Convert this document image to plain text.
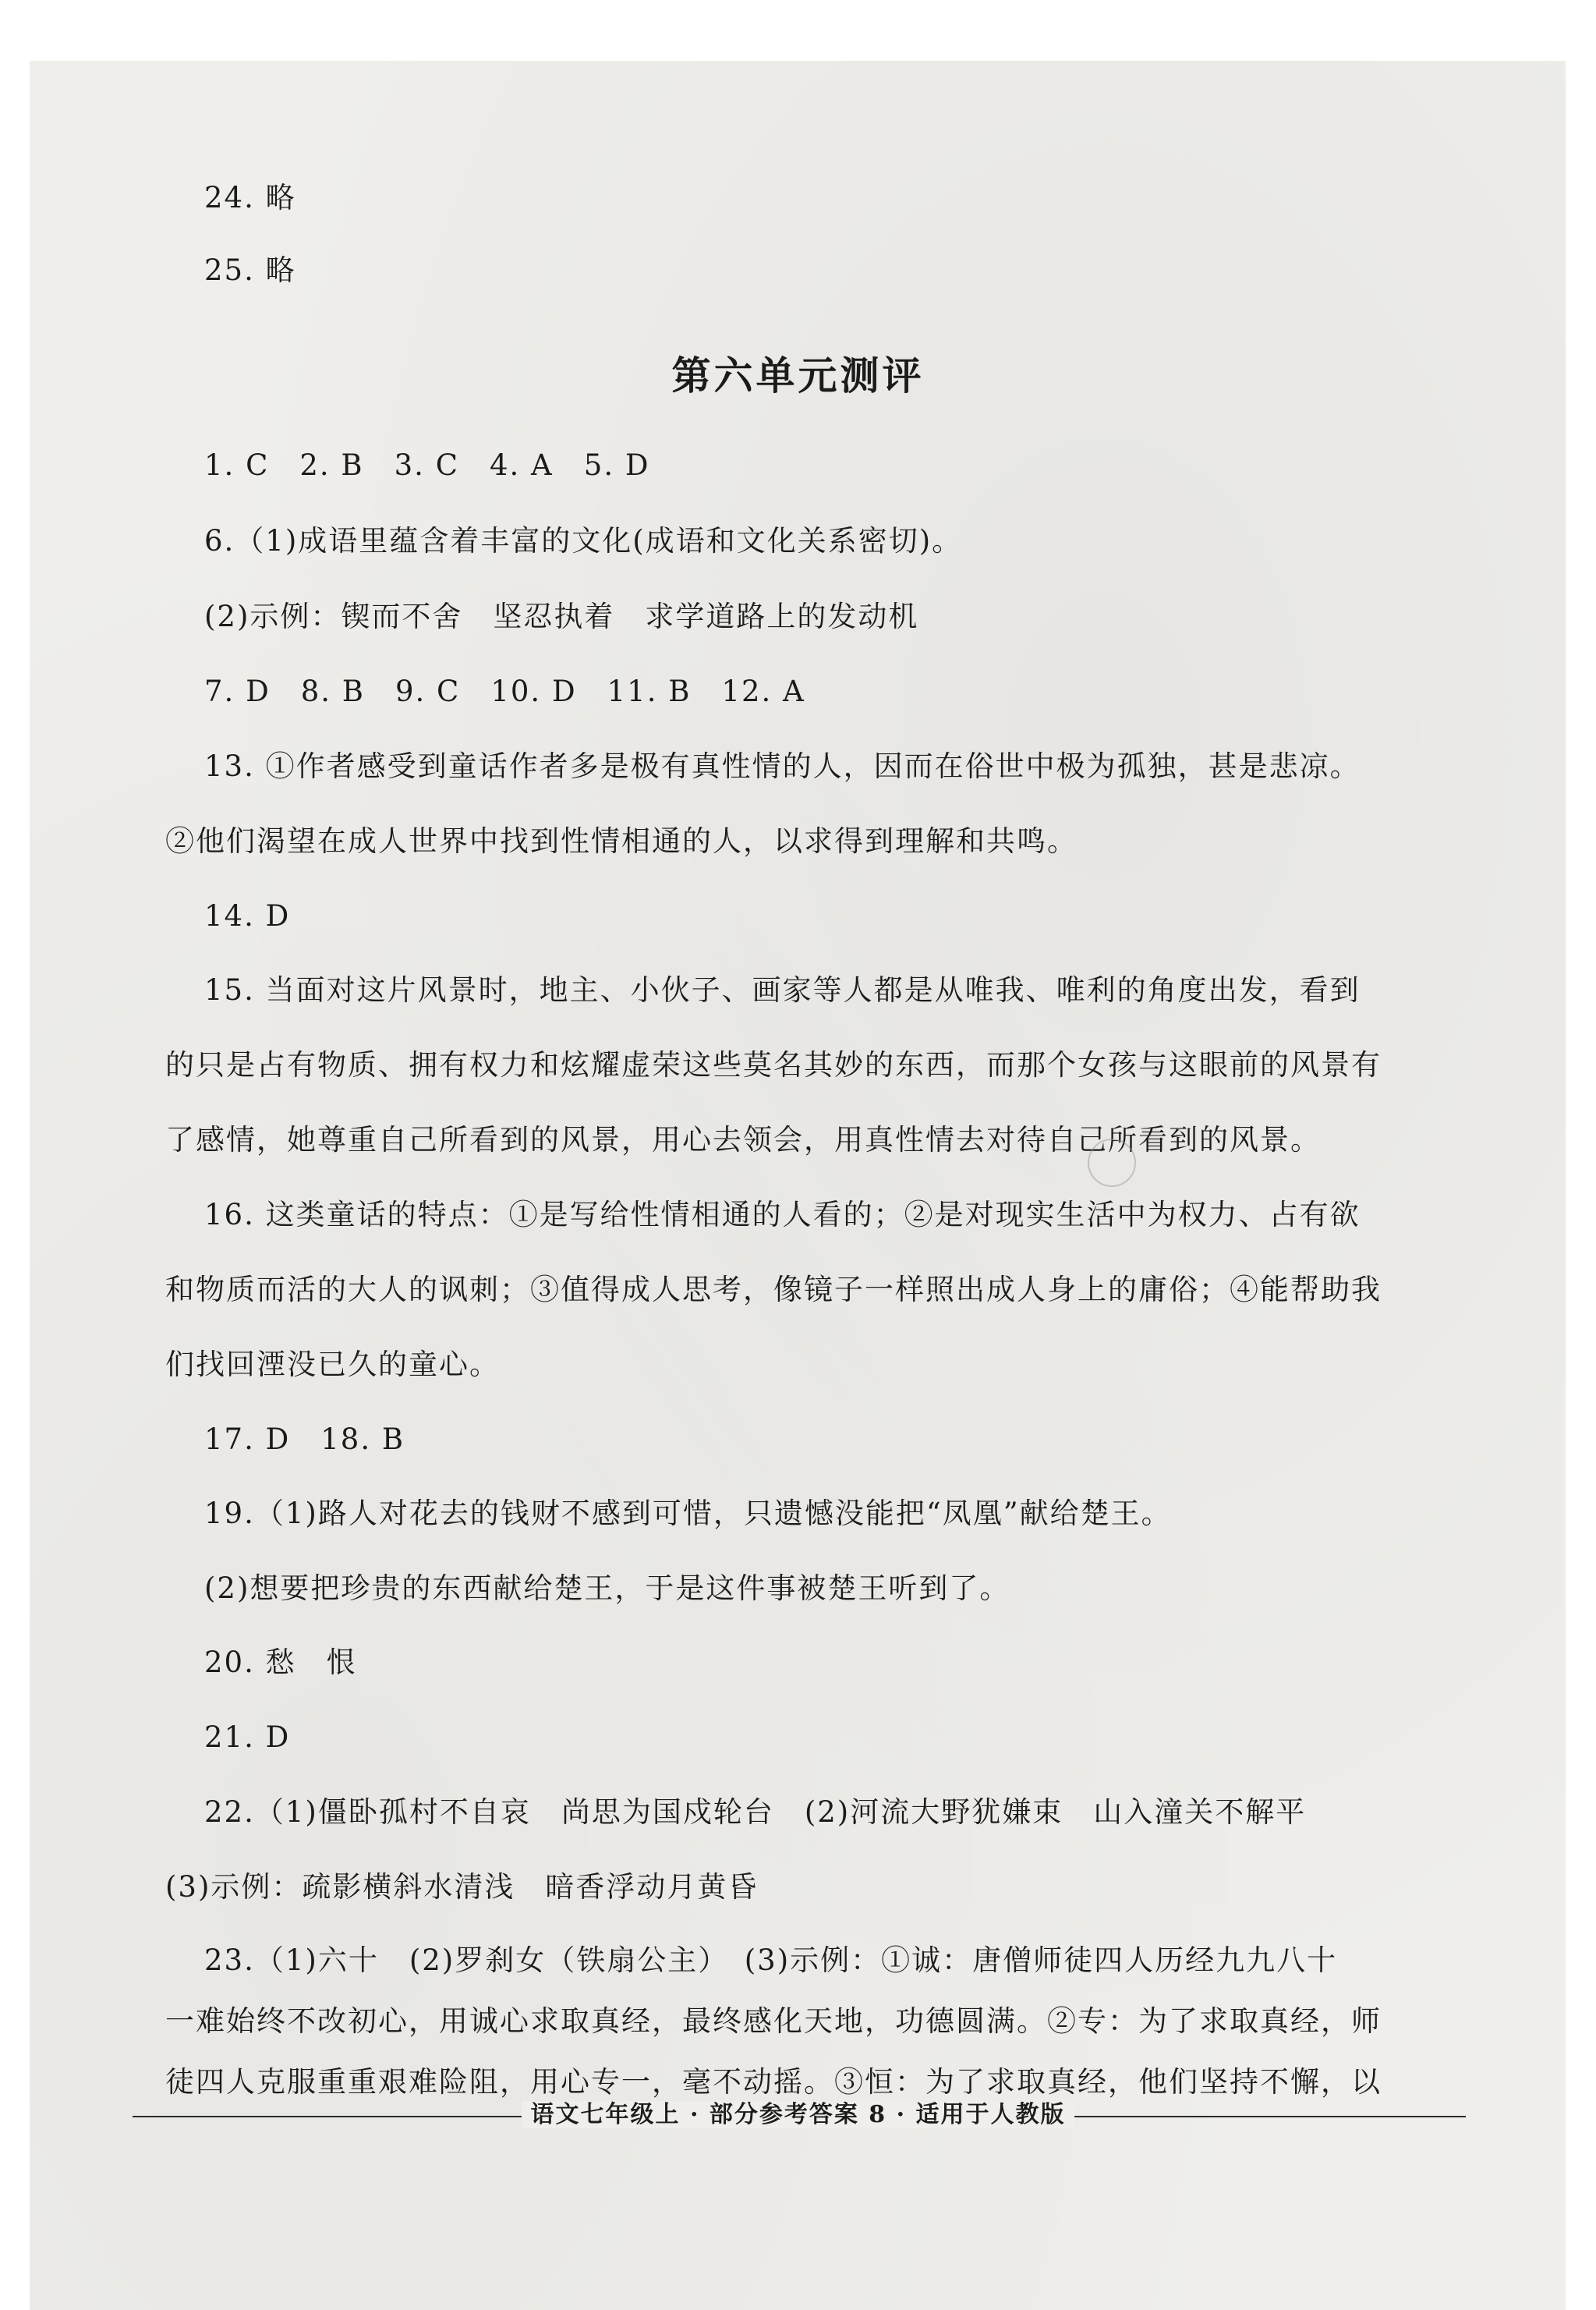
24. 略
25. 略
第六单元测评
1. C　2. B　3. C　4. A　5. D
6.（1)成语里蕴含着丰富的文化(成语和文化关系密切)。
(2)示例：锲而不舍　坚忍执着　求学道路上的发动机
7. D　8. B　9. C　10. D　11. B　12. A
13. ①作者感受到童话作者多是极有真性情的人，因而在俗世中极为孤独，甚是悲凉。
②他们渴望在成人世界中找到性情相通的人，以求得到理解和共鸣。
14. D
15. 当面对这片风景时，地主、小伙子、画家等人都是从唯我、唯利的角度出发，看到
的只是占有物质、拥有权力和炫耀虚荣这些莫名其妙的东西，而那个女孩与这眼前的风景有
了感情，她尊重自己所看到的风景，用心去领会，用真性情去对待自己所看到的风景。
16. 这类童话的特点：①是写给性情相通的人看的；②是对现实生活中为权力、占有欲
和物质而活的大人的讽刺；③值得成人思考，像镜子一样照出成人身上的庸俗；④能帮助我
们找回湮没已久的童心。
17. D　18. B
19.（1)路人对花去的钱财不感到可惜，只遗憾没能把“凤凰”献给楚王。
(2)想要把珍贵的东西献给楚王，于是这件事被楚王听到了。
20. 愁　恨
21. D
22.（1)僵卧孤村不自哀　尚思为国戍轮台　(2)河流大野犹嫌束　山入潼关不解平
(3)示例：疏影横斜水清浅　暗香浮动月黄昏
23.（1)六十　(2)罗刹女（铁扇公主）　(3)示例：①诚：唐僧师徒四人历经九九八十
一难始终不改初心，用诚心求取真经，最终感化天地，功德圆满。②专：为了求取真经，师
语文七年级上 · 部分参考答案 8 · 适用于人教版
徒四人克服重重艰难险阻，用心专一，毫不动摇。③恒：为了求取真经，他们坚持不懈，以
